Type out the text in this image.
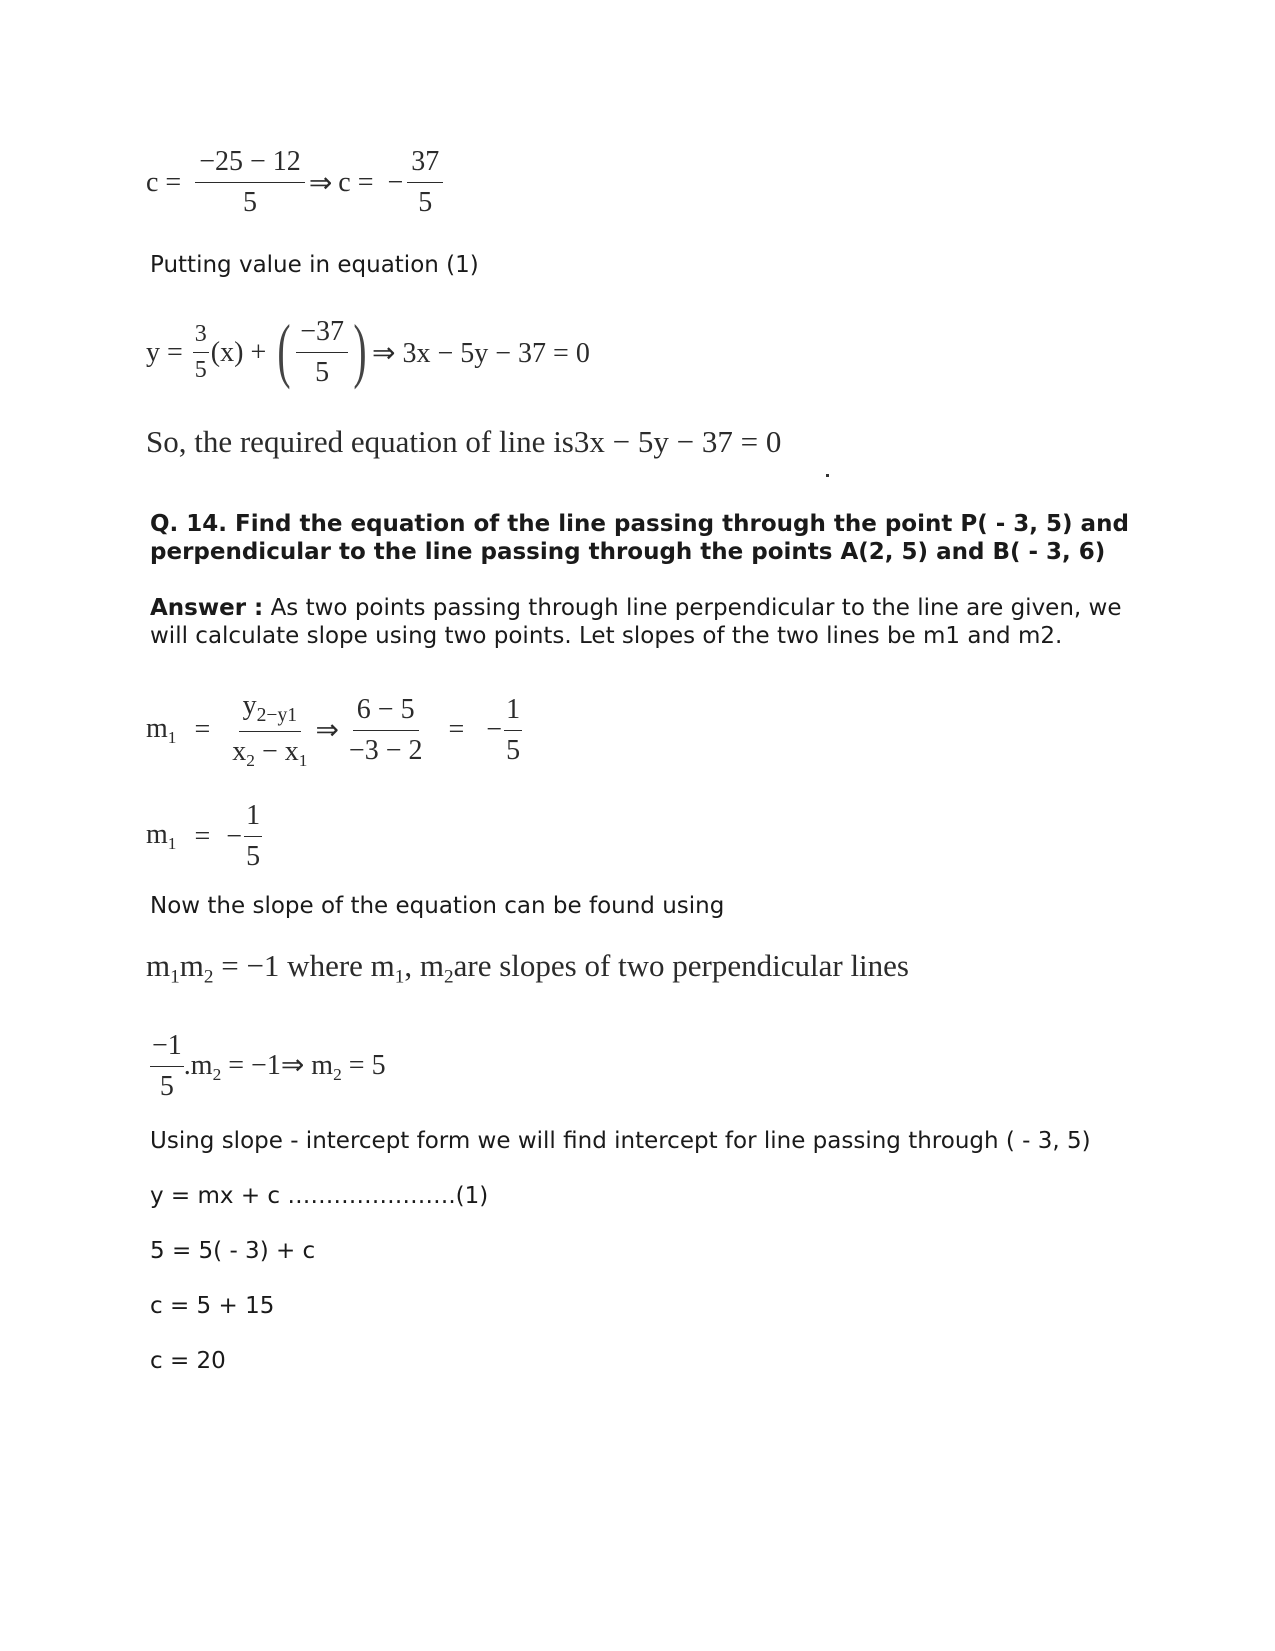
$c = \frac{-25 - 12}{5}$ ⇒ c = − $\frac{37}{5}$
Putting value in equation (1)
$y = \frac{3}{5} (x)$ + ( $\frac{-37}{5}$ ) ⇒ 3x − 5y − 37 = 0
So, the required equation of line is3x − 5y − 37 = 0
Q. 14. Find the equation of the line passing through the point P( - 3, 5) and perpendicular to the line passing through the points A(2, 5) and B( - 3, 6)
Answer : As two points passing through line perpendicular to the line are given, we will calculate slope using two points. Let slopes of the two lines be m1 and m2.
$m_1 = \frac{y_{2-y1}}{x_2 - x_1}$ ⇒ $\frac{6 - 5}{-3 - 2}$ = − $\frac{1}{5}$
$m_1$ = − $\frac{1}{5}$
Now the slope of the equation can be found using
$m_1m_2 = -1$ where $m_1$, $m_2are$ slopes of two perpendicular lines
$\frac{-1}{5} .m_2$ = −1⇒ $m_2 = 5$
Using slope - intercept form we will find intercept for line passing through ( - 3, 5)
y = mx + c ………………….(1)
5 = 5( - 3) + c
c = 5 + 15
c = 20
